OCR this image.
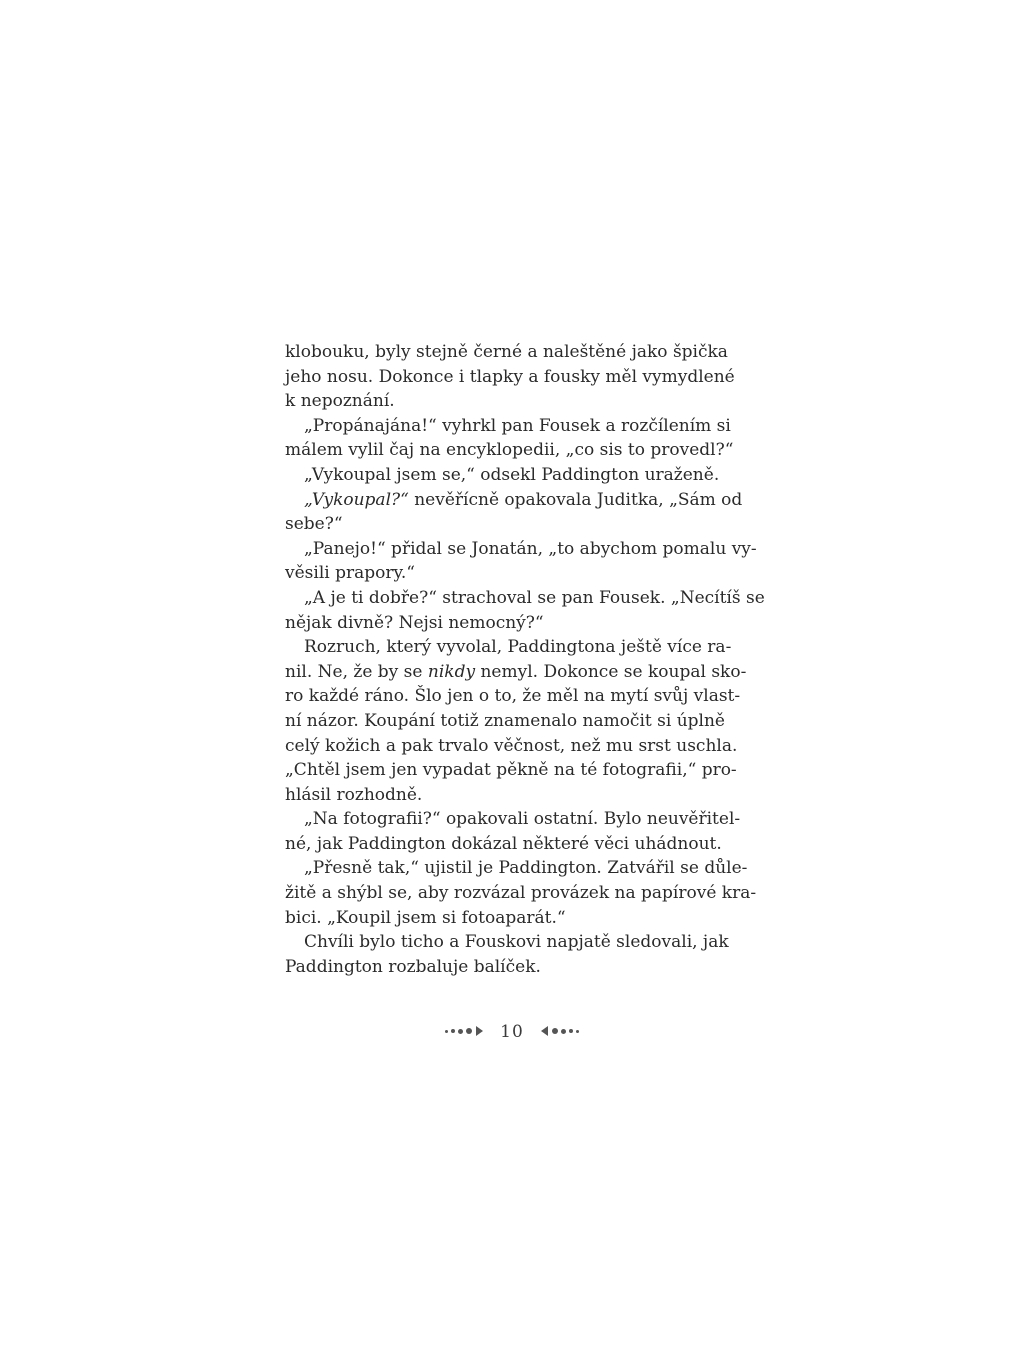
klobouku, byly stejně černé a naleštěné jako špička
jeho nosu. Dokonce i tlapky a fousky měl vymydlené
k nepoznání.
„Propánajána!“ vyhrkl pan Fousek a rozčílením si
málem vylil čaj na encyklopedii, „co sis to provedl?“
„Vykoupal jsem se,“ odsekl Paddington uraženě.
„Vykoupal?“ nevěřícně opakovala Juditka, „Sám od
sebe?“
„Panejo!“ přidal se Jonatán, „to abychom pomalu vy-
věsili prapory.“
„A je ti dobře?“ strachoval se pan Fousek. „Necítíš se
nějak divně? Nejsi nemocný?“
Rozruch, který vyvolal, Paddingtona ještě více ra-
nil. Ne, že by se nikdy nemyl. Dokonce se koupal sko-
ro každé ráno. Šlo jen o to, že měl na mytí svůj vlast-
ní názor. Koupání totiž znamenalo namočit si úplně
celý kožich a pak trvalo věčnost, než mu srst uschla.
„Chtěl jsem jen vypadat pěkně na té fotografii,“ pro-
hlásil rozhodně.
„Na fotografii?“ opakovali ostatní. Bylo neuvěřitel-
né, jak Paddington dokázal některé věci uhádnout.
„Přesně tak,“ ujistil je Paddington. Zatvářil se důle-
žitě a shýbl se, aby rozvázal provázek na papírové kra-
bici. „Koupil jsem si fotoaparát.“
Chvíli bylo ticho a Fouskovi napjatě sledovali, jak
Paddington rozbaluje balíček.
10
